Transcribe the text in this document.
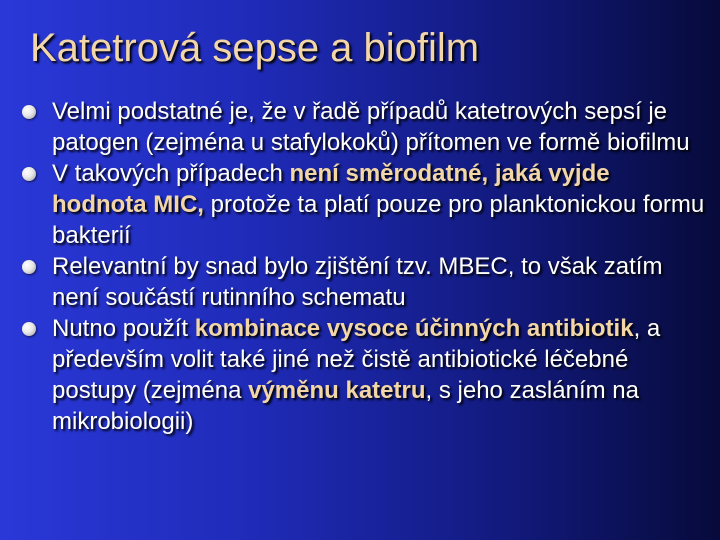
Katetrová sepse a biofilm
Velmi podstatné je, že v řadě případů katetrových sepsí je patogen (zejména u stafylokoků) přítomen ve formě biofilmu
V takových případech není směrodatné, jaká vyjde hodnota MIC, protože ta platí pouze pro planktonickou formu bakterií
Relevantní by snad bylo zjištění tzv. MBEC, to však zatím není součástí rutinního schematu
Nutno použít kombinace vysoce účinných antibiotik, a především volit také jiné než čistě antibiotické léčebné postupy (zejména výměnu katetru, s jeho zasláním na mikrobiologii)
